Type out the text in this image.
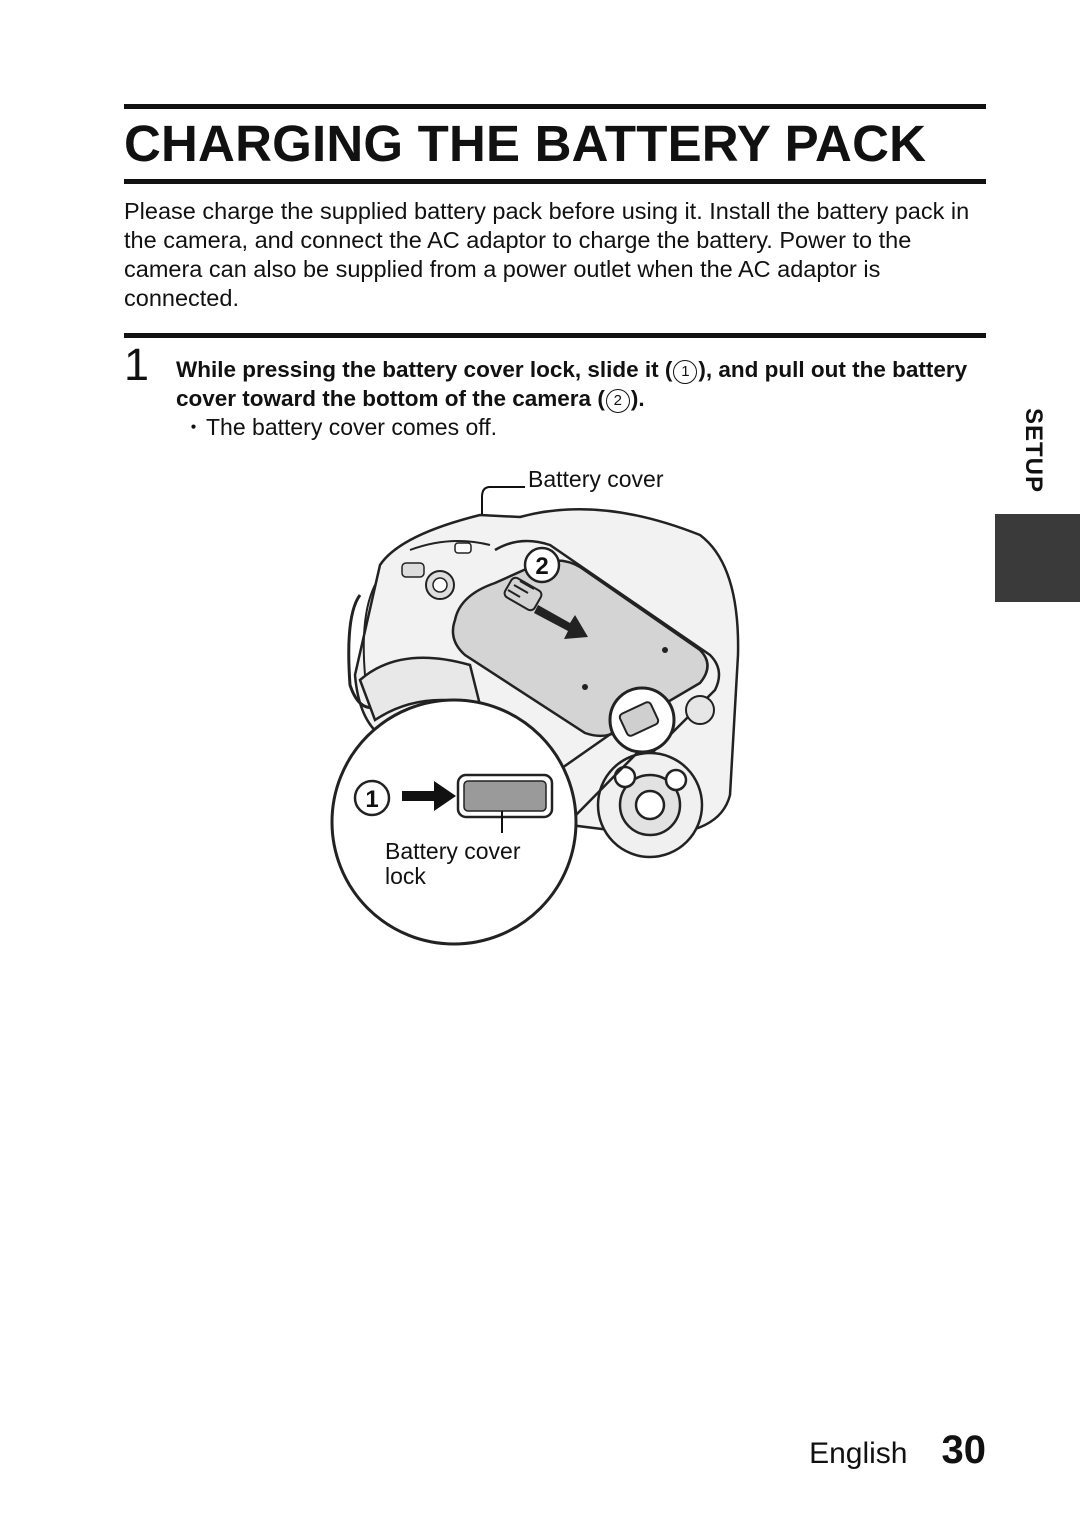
CHARGING THE BATTERY PACK

Please charge the supplied battery pack before using it. Install the battery pack in the camera, and connect the AC adaptor to charge the battery. Power to the camera can also be supplied from a power outlet when the AC adaptor is connected.

1 While pressing the battery cover lock, slide it ( 1 ), and pull out the battery cover toward the bottom of the camera ( 2 ).

・The battery cover comes off.	SETUP
Battery cover
2
1
Battery cover
lock
English 30
